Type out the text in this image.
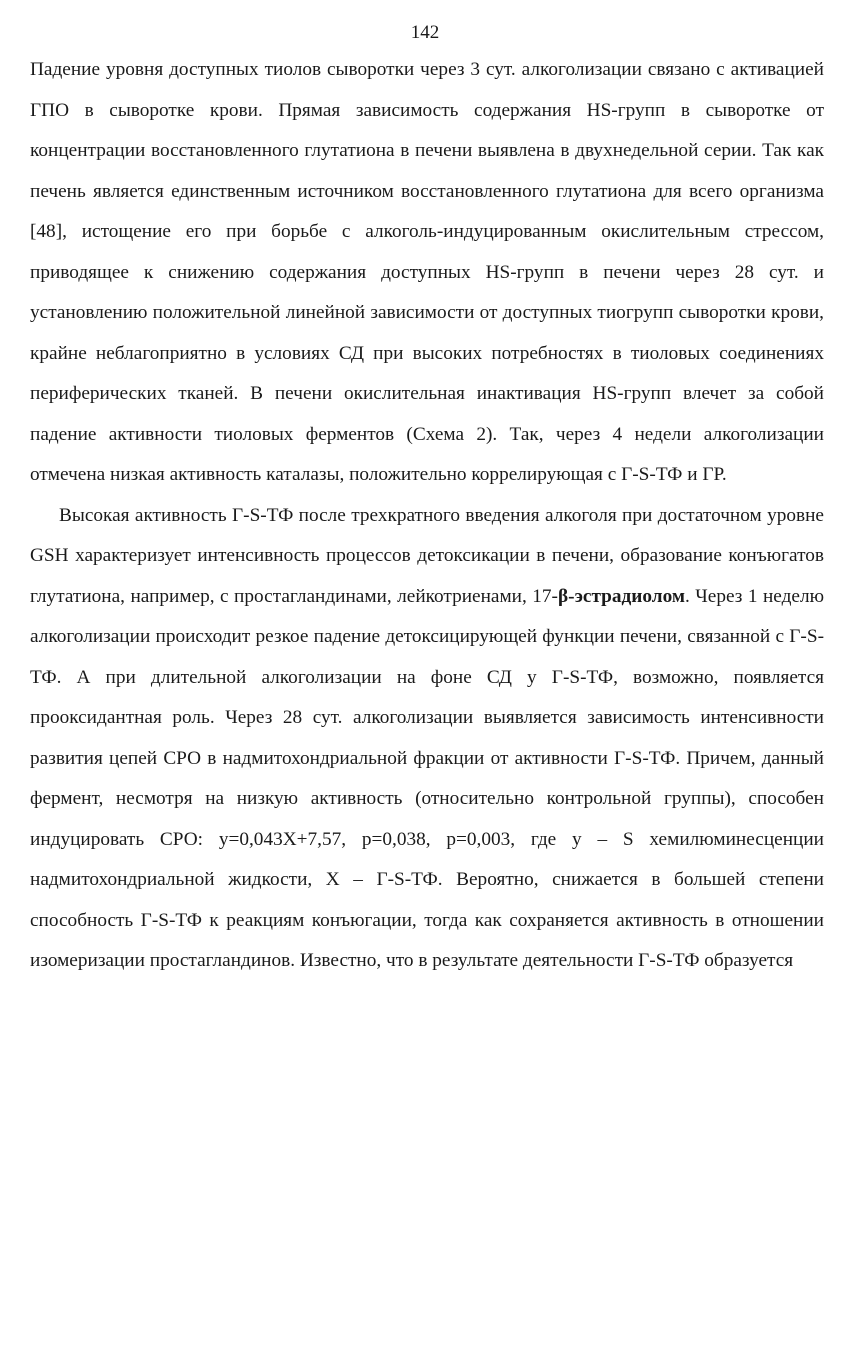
142

Падение уровня доступных тиолов сыворотки через 3 сут. алкоголизации связано с активацией ГПО в сыворотке крови. Прямая зависимость содержания HS-групп в сыворотке от концентрации восстановленного глутатиона в печени выявлена в двухнедельной серии. Так как печень является единственным источником восстановленного глутатиона для всего организма [48], истощение его при борьбе с алкоголь-индуцированным окислительным стрессом, приводящее к снижению содержания доступных HS-групп в печени через 28 сут. и установлению положительной линейной зависимости от доступных тиогрупп сыворотки крови, крайне неблагоприятно в условиях СД при высоких потребностях в тиоловых соединениях периферических тканей. В печени окислительная инактивация HS-групп влечет за собой падение активности тиоловых ферментов (Схема 2). Так, через 4 недели алкоголизации отмечена низкая активность каталазы, положительно коррелирующая с Г-S-ТФ и ГР.

Высокая активность Г-S-ТФ после трехкратного введения алкоголя при достаточном уровне GSH характеризует интенсивность процессов детоксикации в печени, образование конъюгатов глутатиона, например, с простагландинами, лейкотриенами, 17-β-эстрадиолом. Через 1 неделю алкоголизации происходит резкое падение детоксицирующей функции печени, связанной с Г-S-ТФ. А при длительной алкоголизации на фоне СД у Г-S-ТФ, возможно, появляется прооксидантная роль. Через 28 сут. алкоголизации выявляется зависимость интенсивности развития цепей СРО в надмитохондриальной фракции от активности Г-S-ТФ. Причем, данный фермент, несмотря на низкую активность (относительно контрольной группы), способен индуцировать СРО: y=0,043X+7,57, p=0,038, p=0,003, где y – S хемилюминесценции надмитохондриальной жидкости, X – Г-S-ТФ. Вероятно, снижается в большей степени способность Г-S-ТФ к реакциям конъюгации, тогда как сохраняется активность в отношении изомеризации простагландинов. Известно, что в результате деятельности Г-S-ТФ образуется
